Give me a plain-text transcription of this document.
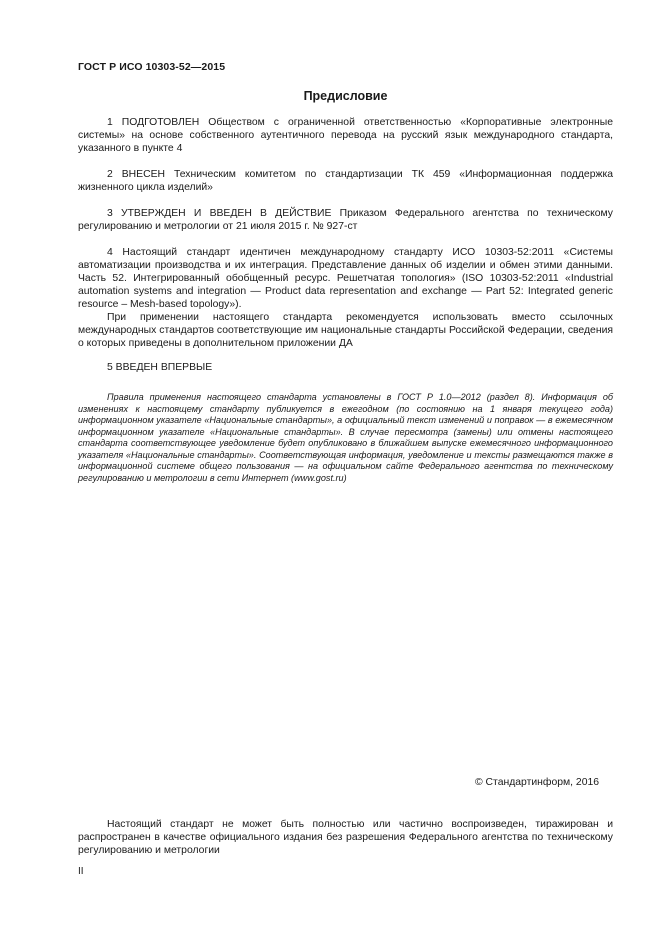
ГОСТ Р ИСО 10303-52—2015
Предисловие

1 ПОДГОТОВЛЕН Обществом с ограниченной ответственностью «Корпоративные электронные системы» на основе собственного аутентичного перевода на русский язык международного стандарта, указанного в пункте 4

2 ВНЕСЕН Техническим комитетом по стандартизации ТК 459 «Информационная поддержка жизненного цикла изделий»

3 УТВЕРЖДЕН И ВВЕДЕН В ДЕЙСТВИЕ Приказом Федерального агентства по техническому регулированию и метрологии от 21 июля 2015 г. № 927-ст

4 Настоящий стандарт идентичен международному стандарту ИСО 10303-52:2011 «Системы автоматизации производства и их интеграция. Представление данных об изделии и обмен этими данными. Часть 52. Интегрированный обобщенный ресурс. Решетчатая топология» (ISO 10303-52:2011 «Industrial automation systems and integration — Product data representation and exchange — Part 52: Integrated generic resource – Mesh-based topology»).

При применении настоящего стандарта рекомендуется использовать вместо ссылочных международных стандартов соответствующие им национальные стандарты Российской Федерации, сведения о которых приведены в дополнительном приложении ДА

5 ВВЕДЕН ВПЕРВЫЕ

Правила применения настоящего стандарта установлены в ГОСТ Р 1.0—2012 (раздел 8). Информация об изменениях к настоящему стандарту публикуется в ежегодном (по состоянию на 1 января текущего года) информационном указателе «Национальные стандарты», а официальный текст изменений и поправок — в ежемесячном информационном указателе «Национальные стандарты». В случае пересмотра (замены) или отмены настоящего стандарта соответствующее уведомление будет опубликовано в ближайшем выпуске ежемесячного информационного указателя «Национальные стандарты». Соответствующая информация, уведомление и тексты размещаются также в информационной системе общего пользования — на официальном сайте Федерального агентства по техническому регулированию и метрологии в сети Интернет (www.gost.ru)

© Стандартинформ, 2016

Настоящий стандарт не может быть полностью или частично воспроизведен, тиражирован и распространен в качестве официального издания без разрешения Федерального агентства по техническому регулированию и метрологии

II
